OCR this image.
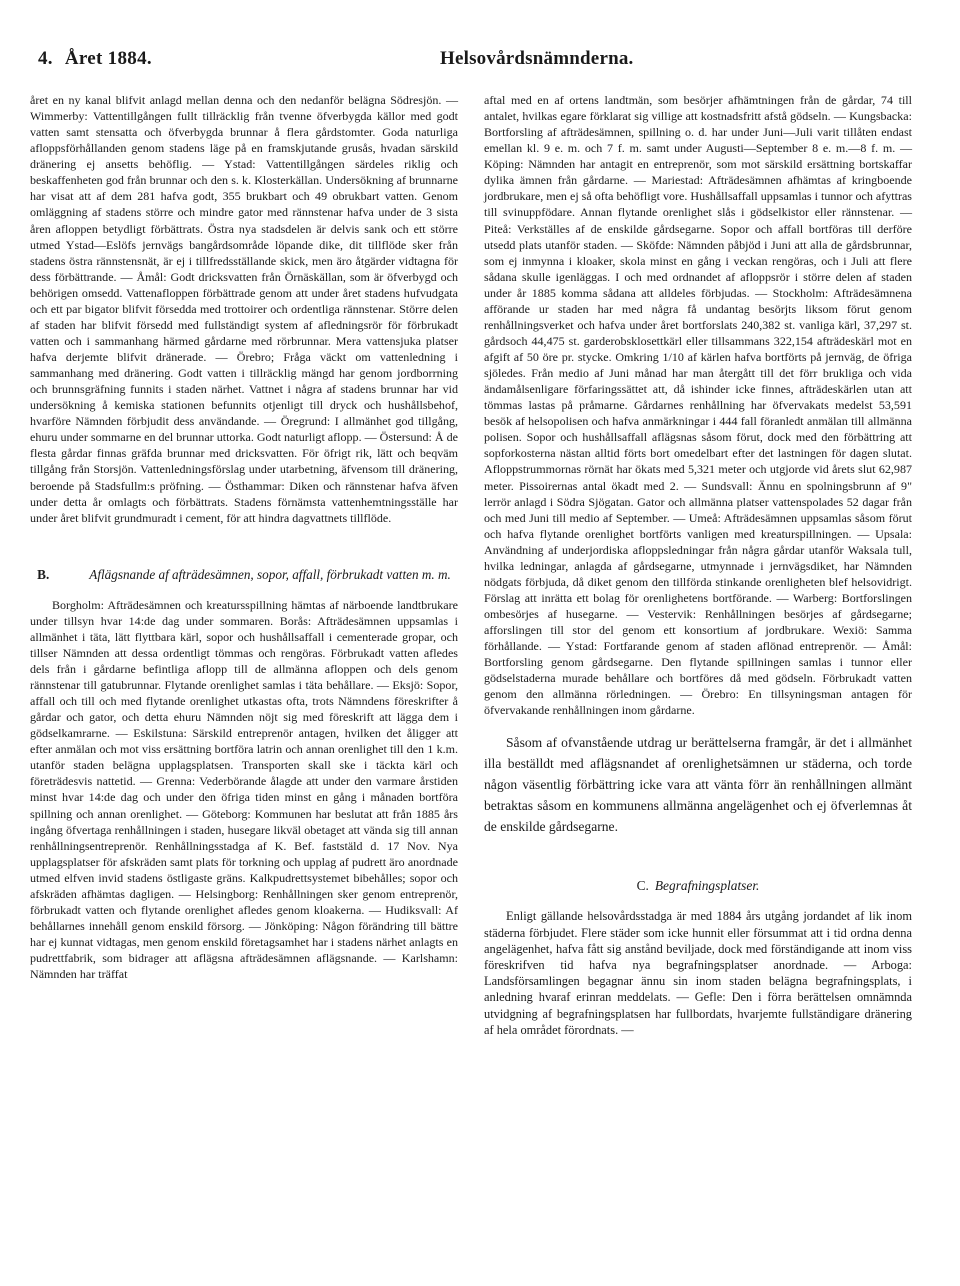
4. Året 1884.	Helsovårdsnämnderna.

året en ny kanal blifvit anlagd mellan denna och den nedanför belägna Södresjön. — Wimmerby: Vattentillgången fullt tillräcklig från tvenne öfverbygda källor med godt vatten samt stensatta och öfverbygda brunnar å flera gårdstomter. Goda naturliga afloppsförhållanden genom stadens läge på en framskjutande grusås, hvadan särskild dränering ej ansetts behöflig. — Ystad: Vattentillgången särdeles riklig och beskaffenheten god från brunnar och den s. k. Klosterkällan. Undersökning af brunnarne har visat att af dem 281 hafva godt, 355 brukbart och 49 obrukbart vatten. Genom omläggning af stadens större och mindre gator med rännstenar hafva under de 3 sista åren afloppen betydligt förbättrats. Östra nya stadsdelen är delvis sank och ett större utmed Ystad—Eslöfs jernvägs bangårdsområde löpande dike, dit tillflöde sker från stadens östra rännstensnät, är ej i tillfredsställande skick, men äro åtgärder vidtagna för dess förbättrande. — Åmål: Godt dricksvatten från Örnäskällan, som är öfverbygd och behörigen omsedd. Vattenafloppen förbättrade genom att under året stadens hufvudgata och ett par bigator blifvit försedda med trottoirer och ordentliga rännstenar. Större delen af staden har blifvit försedd med fullständigt system af afledningsrör för förbrukadt vatten och i sammanhang härmed gårdarne med rörbrunnar. Mera vattensjuka platser hafva derjemte blifvit dränerade. — Örebro; Fråga väckt om vattenledning i sammanhang med dränering. Godt vatten i tillräcklig mängd har genom jordborrning och brunnsgräfning funnits i staden närhet. Vattnet i några af stadens brunnar har vid undersökning å kemiska stationen befunnits otjenligt till dryck och hushållsbehof, hvarföre Nämnden förbjudit dess användande. — Öregrund: I allmänhet god tillgång, ehuru under sommarne en del brunnar uttorka. Godt naturligt aflopp. — Östersund: Å de flesta gårdar finnas gräfda brunnar med dricksvatten. För öfrigt rik, lätt och beqväm tillgång från Storsjön. Vattenledningsförslag under utarbetning, äfvensom till dränering, beroende på Stadsfullm:s pröfning. — Östhammar: Diken och rännstenar hafva äfven under detta år omlagts och förbättrats. Stadens förnämsta vattenhemtningsställe har under året blifvit grundmuradt i cement, för att hindra dagvattnets tillflöde.

B.	Aflägsnande af afträdesämnen, sopor, affall, förbrukadt vatten m. m.

Borgholm: Afträdesämnen och kreatursspillning hämtas af närboende landtbrukare under tillsyn hvar 14:de dag under sommaren. Borås: Afträdesämnen uppsamlas i allmänhet i täta, lätt flyttbara kärl, sopor och hushållsaffall i cementerade gropar, och tillser Nämnden att dessa ordentligt tömmas och rengöras. Förbrukadt vatten afledes dels från i gårdarne befintliga aflopp till de allmänna afloppen och dels genom rännstenar till gatubrunnar. Flytande orenlighet samlas i täta behållare. — Eksjö: Sopor, affall och till och med flytande orenlighet utkastas ofta, trots Nämndens föreskrifter å gårdar och gator, och detta ehuru Nämnden nöjt sig med föreskrift att lägga dem i gödselkamrarne. — Eskilstuna: Särskild entreprenör antagen, hvilken det åligger att efter anmälan och mot viss ersättning bortföra latrin och annan orenlighet till den 1 k.m. utanför staden belägna upplagsplatsen. Transporten skall ske i täckta kärl och företrädesvis nattetid. — Grenna: Vederbörande ålagde att under den varmare årstiden minst hvar 14:de dag och under den öfriga tiden minst en gång i månaden bortföra spillning och annan orenlighet. — Göteborg: Kommunen har beslutat att från 1885 års ingång öfvertaga renhållningen i staden, husegare likväl obetaget att vända sig till annan renhållningsentreprenör. Renhållningsstadga af K. Bef. faststäld d. 17 Nov. Nya upplagsplatser för afskräden samt plats för torkning och upplag af pudrett äro anordnade utmed elfven invid stadens östligaste gräns. Kalkpudrettsystemet bibehålles; sopor och afskräden afhämtas dagligen. — Helsingborg: Renhållningen sker genom entreprenör, förbrukadt vatten och flytande orenlighet afledes genom kloakerna. — Hudiksvall: Af behållarnes innehåll genom enskild försorg. — Jönköping: Någon förändring till bättre har ej kunnat vidtagas, men genom enskild företagsamhet har i stadens närhet anlagts en pudrettfabrik, som bidrager att aflägsna afträdesämnen aflägsnande. — Karlshamn: Nämnden har träffat

aftal med en af ortens landtmän, som besörjer afhämtningen från de gårdar, 74 till antalet, hvilkas egare förklarat sig villige att kostnadsfritt afstå gödseln. — Kungsbacka: Bortforsling af afträdesämnen, spillning o. d. har under Juni—Juli varit tillåten endast emellan kl. 9 e. m. och 7 f. m. samt under Augusti—September 8 e. m.—8 f. m. — Köping: Nämnden har antagit en entreprenör, som mot särskild ersättning bortskaffar dylika ämnen från gårdarne. — Mariestad: Afträdesämnen afhämtas af kringboende jordbrukare, men ej så ofta behöfligt vore. Hushållsaffall uppsamlas i tunnor och afyttras till svinuppfödare. Annan flytande orenlighet slås i gödselkistor eller rännstenar. — Piteå: Verkställes af de enskilde gårdsegarne. Sopor och affall bortföras till derföre utsedd plats utanför staden. — Sköfde: Nämnden påbjöd i Juni att alla de gårdsbrunnar, som ej inmynna i kloaker, skola minst en gång i veckan rengöras, och i Juli att flere sådana skulle igenläggas. I och med ordnandet af afloppsrör i större delen af staden under år 1885 komma sådana att alldeles förbjudas. — Stockholm: Afträdesämnena afförande ur staden har med några få undantag besörjts liksom förut genom renhållningsverket och hafva under året bortforslats 240,382 st. vanliga kärl, 37,297 st. gårdsoch 44,475 st. garderobsklosettkärl eller tillsammans 322,154 afträdeskärl mot en afgift af 50 öre pr. stycke. Omkring 1/10 af kärlen hafva bortförts på jernväg, de öfriga sjöledes. Från medio af Juni månad har man återgått till det förr brukliga och vida ändamålsenligare förfaringssättet att, då ishinder icke finnes, afträdeskärlen utan att tömmas lastas på pråmarne. Gårdarnes renhållning har öfvervakats medelst 53,591 besök af helsopolisen och hafva anmärkningar i 444 fall föranledt anmälan till allmänna polisen. Sopor och hushållsaffall aflägsnas såsom förut, dock med den förbättring att sopforkosterna nästan alltid förts bort omedelbart efter det lastningen för dagen slutat. Afloppstrummornas rörnät har ökats med 5,321 meter och utgjorde vid årets slut 62,987 meter. Pissoirernas antal ökadt med 2. — Sundsvall: Ännu en spolningsbrunn af 9" lerrör anlagd i Södra Sjögatan. Gator och allmänna platser vattenspolades 52 dagar från och med Juni till medio af September. — Umeå: Afträdesämnen uppsamlas såsom förut och hafva flytande orenlighet bortförts vanligen med kreaturspillningen. — Upsala: Användning af underjordiska afloppsledningar från några gårdar utanför Waksala tull, hvilka ledningar, anlagda af gårdsegarne, utmynnade i jernvägsdiket, har Nämnden nödgats förbjuda, då diket genom den tillförda stinkande orenligheten blef helsovidrigt. Förslag att inrätta ett bolag för orenlighetens bortförande. — Warberg: Bortforslingen ombesörjes af husegarne. — Vestervik: Renhållningen besörjes af gårdsegarne; afforslingen till stor del genom ett konsortium af jordbrukare. Wexiö: Samma förhållande. — Ystad: Fortfarande genom af staden aflönad entreprenör. — Åmål: Bortforsling genom gårdsegarne. Den flytande spillningen samlas i tunnor eller gödselstaderna murade behållare och bortföres då med gödseln. Förbrukadt vatten genom den allmänna rörledningen. — Örebro: En tillsyningsman antagen för öfvervakande renhållningen inom gårdarne.

Såsom af ofvanstående utdrag ur berättelserna framgår, är det i allmänhet illa beställdt med aflägsnandet af orenlighetsämnen ur städerna, och torde någon väsentlig förbättring icke vara att vänta förr än renhållningen allmänt betraktas såsom en kommunens allmänna angelägenhet och ej öfverlemnas åt de enskilde gårdsegarne.

C. Begrafningsplatser.

Enligt gällande helsovårdsstadga är med 1884 års utgång jordandet af lik inom städerna förbjudet. Flere städer som icke hunnit eller försummat att i tid ordna denna angelägenhet, hafva fått sig anstånd beviljade, dock med förständigande att inom viss föreskrifven tid hafva nya begrafningsplatser anordnade. — Arboga: Landsförsamlingen begagnar ännu sin inom staden belägna begrafningsplats, i anledning hvaraf erinran meddelats. — Gefle: Den i förra berättelsen omnämnda utvidgning af begrafningsplatsen har fullbordats, hvarjemte fullständigare dränering af hela området förordnats. —
